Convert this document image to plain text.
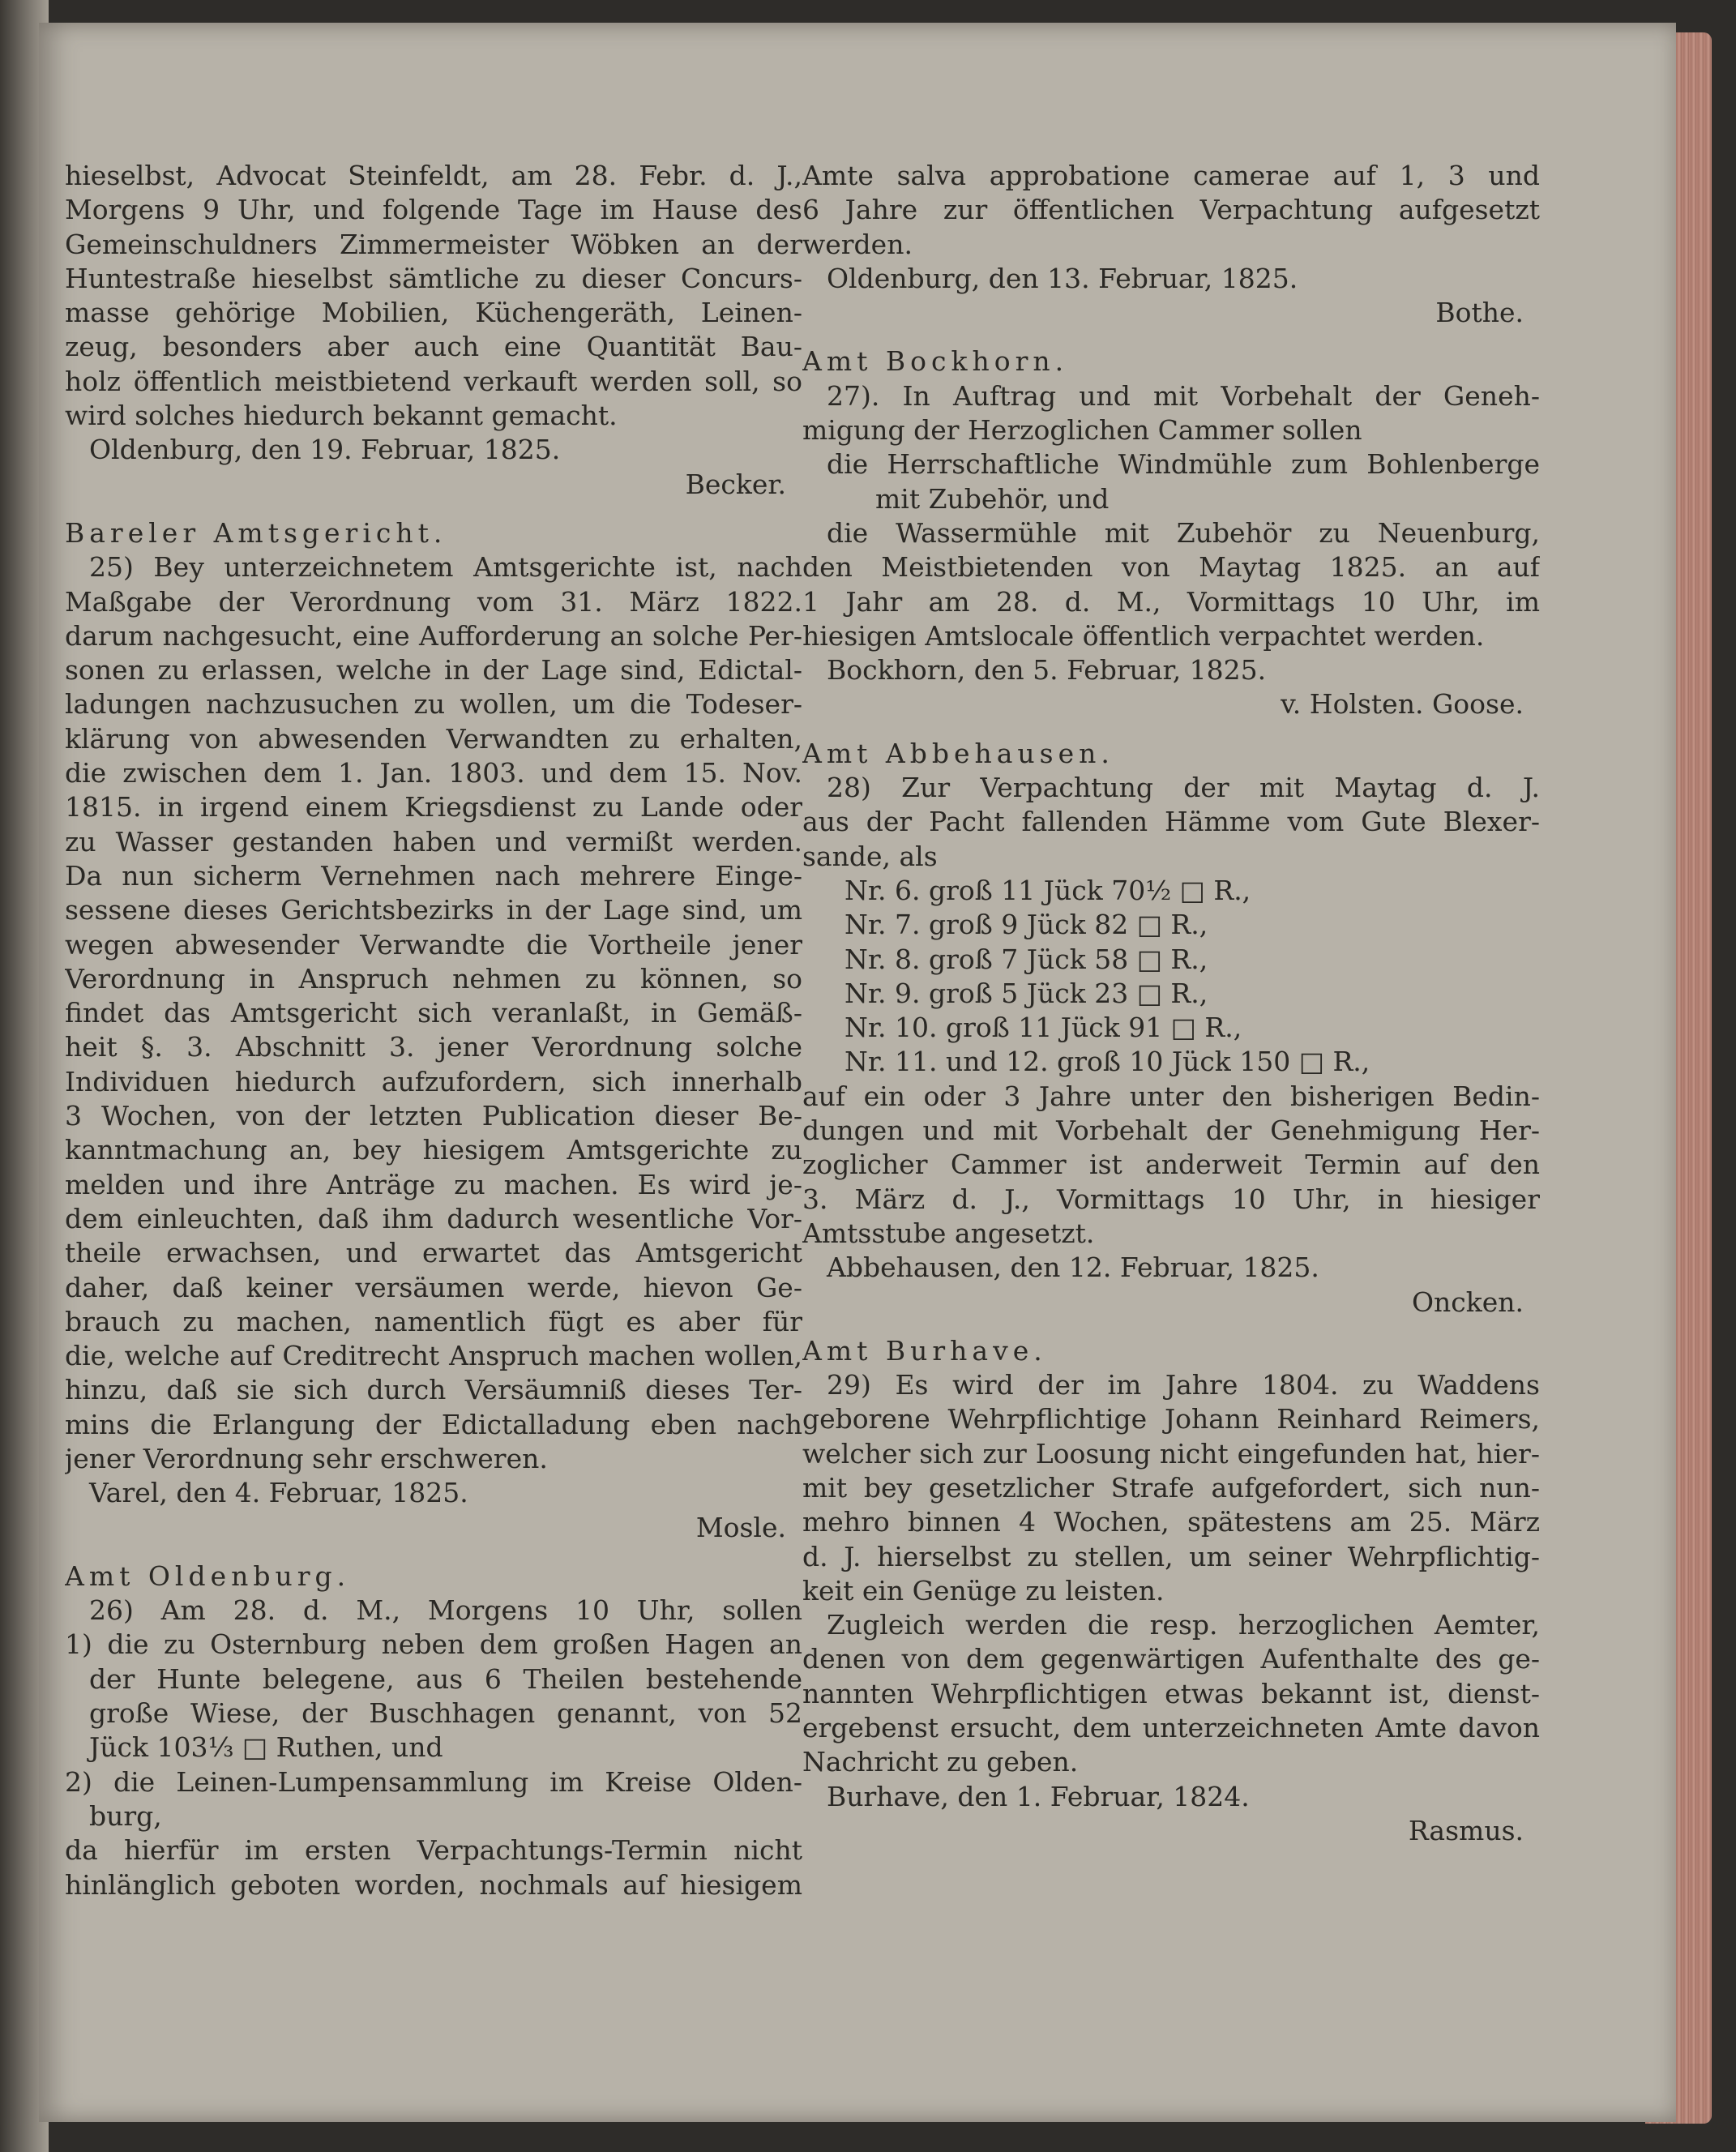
hieselbst, Advocat Steinfeldt, am 28. Febr. d. J.,
Morgens 9 Uhr, und folgende Tage im Hause des
Gemeinschuldners Zimmermeister Wöbken an der
Huntestraße hieselbst sämtliche zu dieser Concurs-
masse gehörige Mobilien, Küchengeräth, Leinen-
zeug, besonders aber auch eine Quantität Bau-
holz öffentlich meistbietend verkauft werden soll, so
wird solches hiedurch bekannt gemacht.
Oldenburg, den 19. Februar, 1825.
Becker.
Bareler Amtsgericht.
25) Bey unterzeichnetem Amtsgerichte ist, nach
Maßgabe der Verordnung vom 31. März 1822.
darum nachgesucht, eine Aufforderung an solche Per-
sonen zu erlassen, welche in der Lage sind, Edictal-
ladungen nachzusuchen zu wollen, um die Todeser-
klärung von abwesenden Verwandten zu erhalten,
die zwischen dem 1. Jan. 1803. und dem 15. Nov.
1815. in irgend einem Kriegsdienst zu Lande oder
zu Wasser gestanden haben und vermißt werden.
Da nun sicherm Vernehmen nach mehrere Einge-
sessene dieses Gerichtsbezirks in der Lage sind, um
wegen abwesender Verwandte die Vortheile jener
Verordnung in Anspruch nehmen zu können, so
findet das Amtsgericht sich veranlaßt, in Gemäß-
heit §. 3. Abschnitt 3. jener Verordnung solche
Individuen hiedurch aufzufordern, sich innerhalb
3 Wochen, von der letzten Publication dieser Be-
kanntmachung an, bey hiesigem Amtsgerichte zu
melden und ihre Anträge zu machen. Es wird je-
dem einleuchten, daß ihm dadurch wesentliche Vor-
theile erwachsen, und erwartet das Amtsgericht
daher, daß keiner versäumen werde, hievon Ge-
brauch zu machen, namentlich fügt es aber für
die, welche auf Creditrecht Anspruch machen wollen,
hinzu, daß sie sich durch Versäumniß dieses Ter-
mins die Erlangung der Edictalladung eben nach
jener Verordnung sehr erschweren.
Varel, den 4. Februar, 1825.
Mosle.
Amt Oldenburg.
26) Am 28. d. M., Morgens 10 Uhr, sollen
1) die zu Osternburg neben dem großen Hagen an
der Hunte belegene, aus 6 Theilen bestehende
große Wiese, der Buschhagen genannt, von 52
Jück 103⅓ □ Ruthen, und
2) die Leinen-Lumpensammlung im Kreise Olden-
burg,
da hierfür im ersten Verpachtungs-Termin nicht
hinlänglich geboten worden, nochmals auf hiesigem
Amte salva approbatione camerae auf 1, 3 und
6 Jahre zur öffentlichen Verpachtung aufgesetzt
werden.
Oldenburg, den 13. Februar, 1825.
Bothe.
Amt Bockhorn.
27). In Auftrag und mit Vorbehalt der Geneh-
migung der Herzoglichen Cammer sollen
die Herrschaftliche Windmühle zum Bohlenberge
mit Zubehör, und
die Wassermühle mit Zubehör zu Neuenburg,
den Meistbietenden von Maytag 1825. an auf
1 Jahr am 28. d. M., Vormittags 10 Uhr, im
hiesigen Amtslocale öffentlich verpachtet werden.
Bockhorn, den 5. Februar, 1825.
v. Holsten. Goose.
Amt Abbehausen.
28) Zur Verpachtung der mit Maytag d. J.
aus der Pacht fallenden Hämme vom Gute Blexer-
sande, als
Nr. 6. groß 11 Jück 70½ □ R.,
Nr. 7. groß 9 Jück 82 □ R.,
Nr. 8. groß 7 Jück 58 □ R.,
Nr. 9. groß 5 Jück 23 □ R.,
Nr. 10. groß 11 Jück 91 □ R.,
Nr. 11. und 12. groß 10 Jück 150 □ R.,
auf ein oder 3 Jahre unter den bisherigen Bedin-
dungen und mit Vorbehalt der Genehmigung Her-
zoglicher Cammer ist anderweit Termin auf den
3. März d. J., Vormittags 10 Uhr, in hiesiger
Amtsstube angesetzt.
Abbehausen, den 12. Februar, 1825.
Oncken.
Amt Burhave.
29) Es wird der im Jahre 1804. zu Waddens
geborene Wehrpflichtige Johann Reinhard Reimers,
welcher sich zur Loosung nicht eingefunden hat, hier-
mit bey gesetzlicher Strafe aufgefordert, sich nun-
mehro binnen 4 Wochen, spätestens am 25. März
d. J. hierselbst zu stellen, um seiner Wehrpflichtig-
keit ein Genüge zu leisten.
Zugleich werden die resp. herzoglichen Aemter,
denen von dem gegenwärtigen Aufenthalte des ge-
nannten Wehrpflichtigen etwas bekannt ist, dienst-
ergebenst ersucht, dem unterzeichneten Amte davon
Nachricht zu geben.
Burhave, den 1. Februar, 1824.
Rasmus.
